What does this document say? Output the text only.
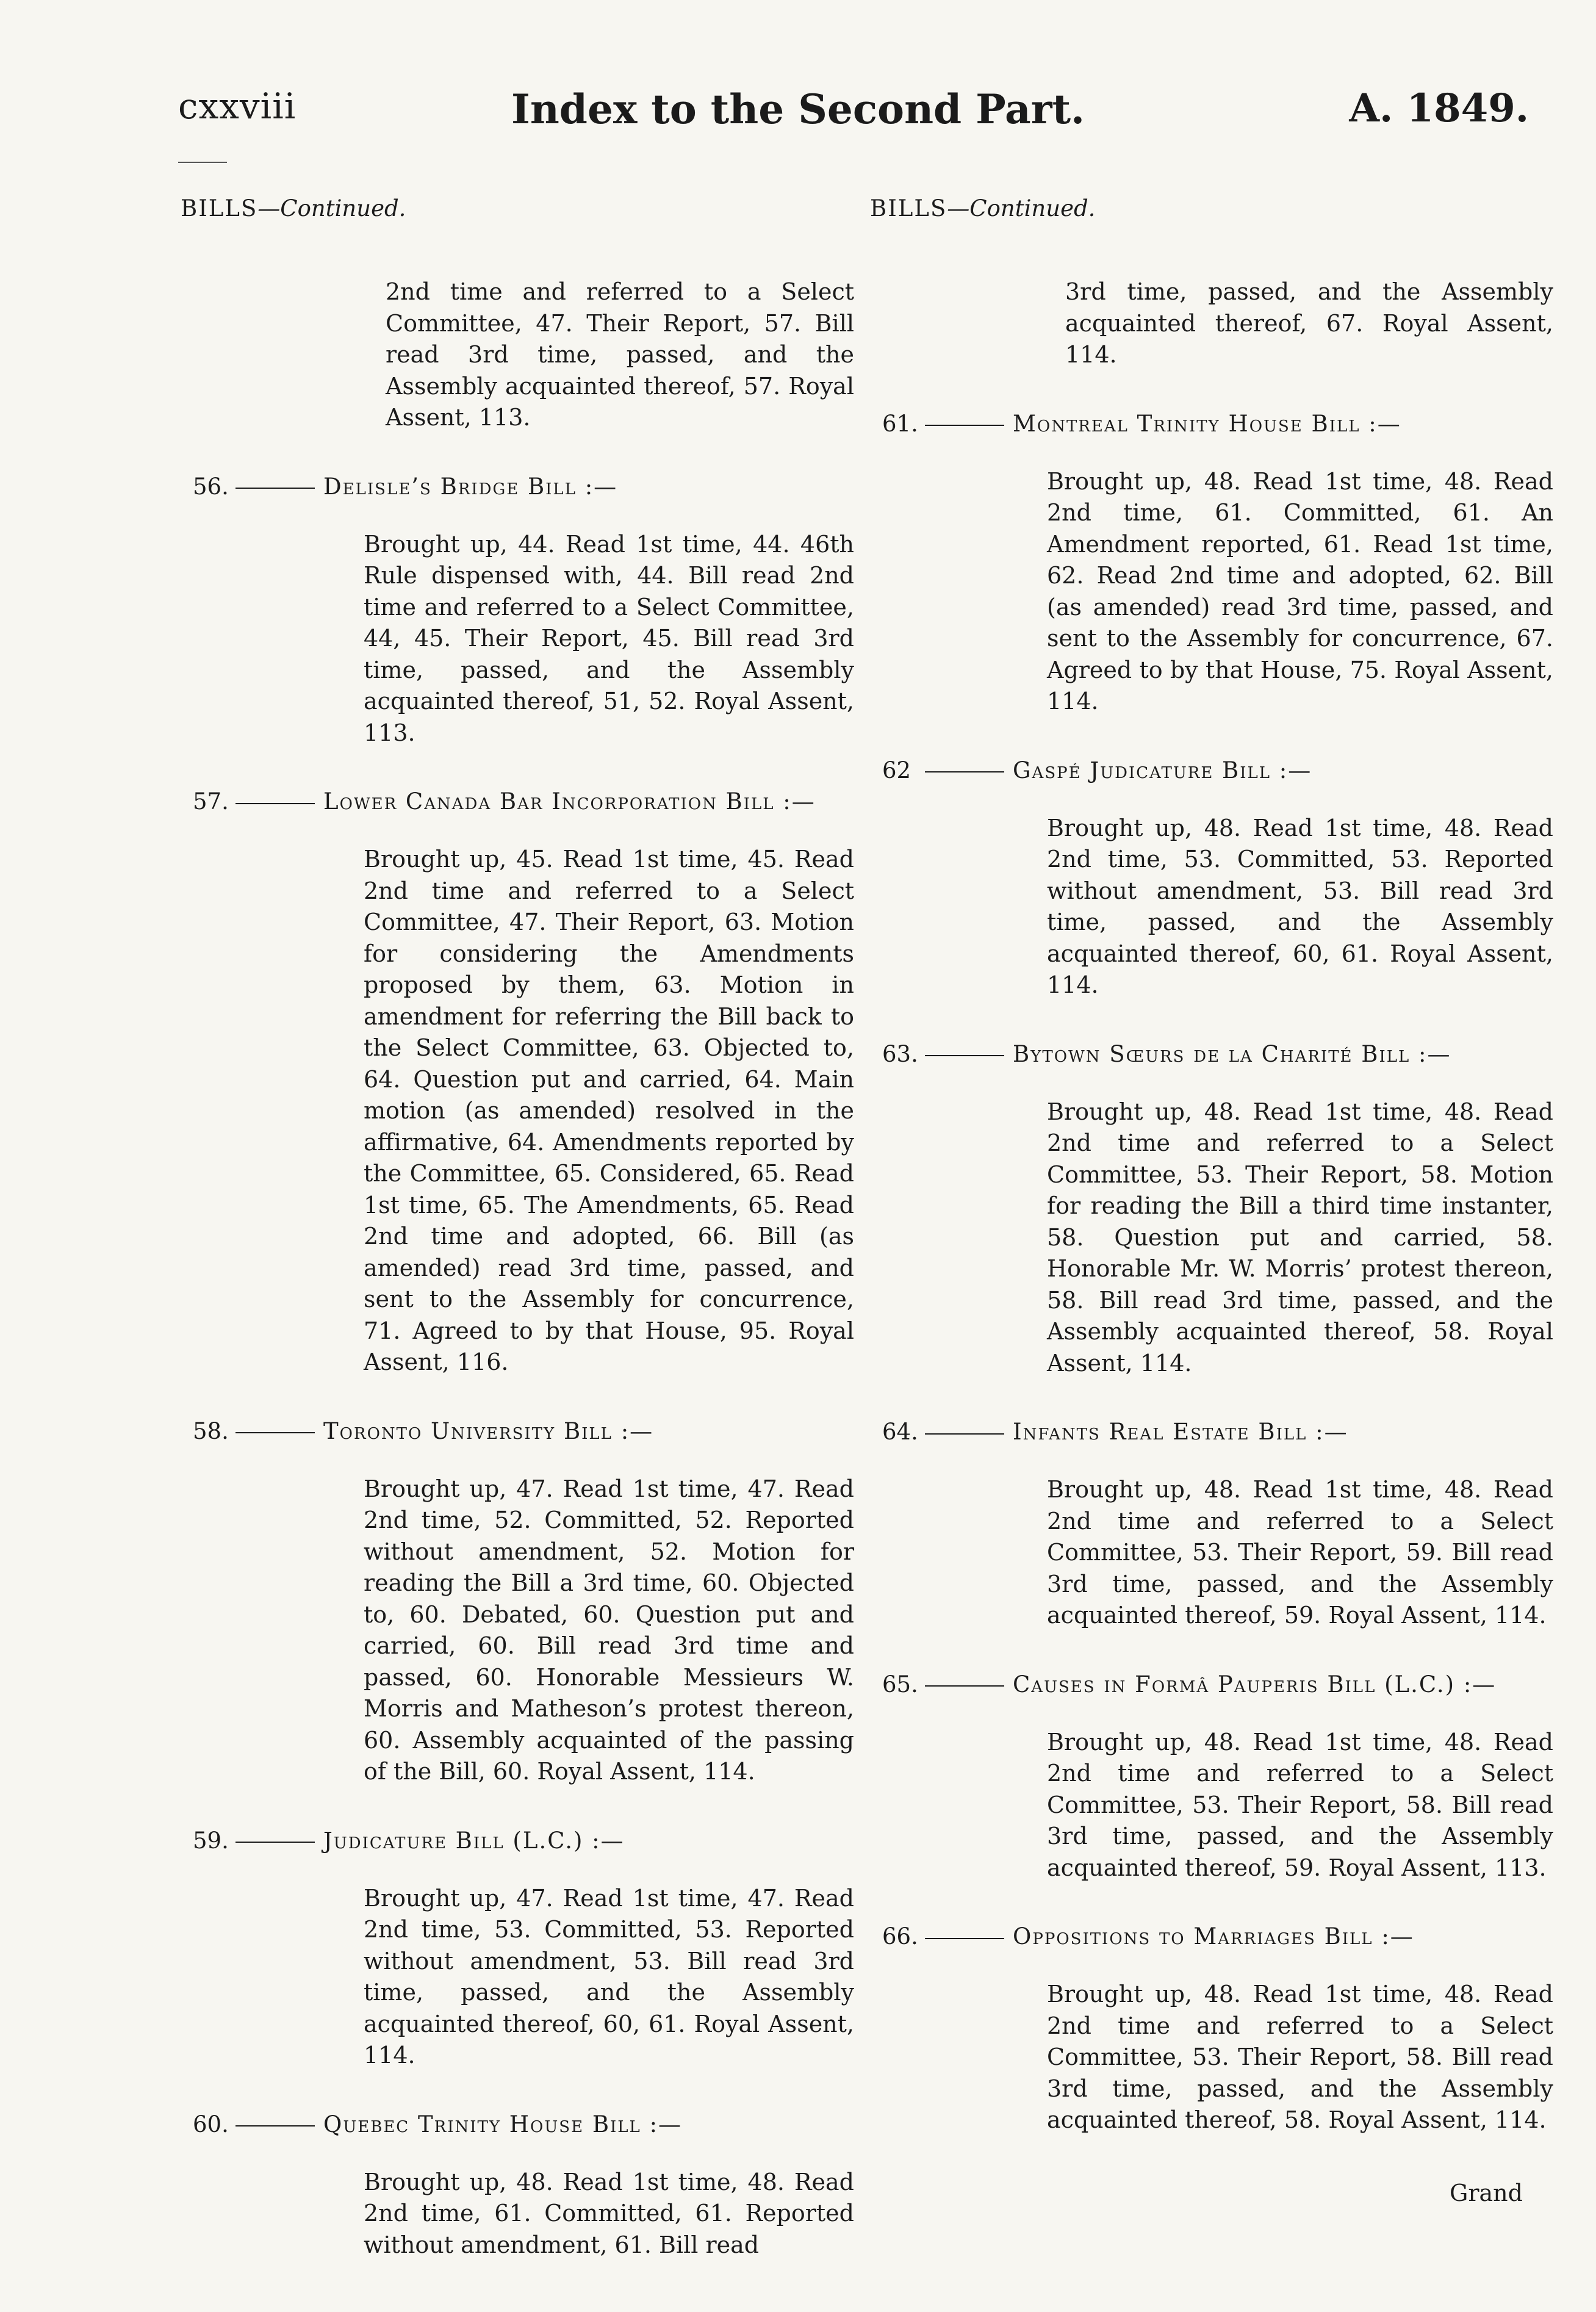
cxxviii	Index to the Second Part.	A. 1849.
BILLS—Continued.
2nd time and referred to a Select Committee, 47. Their Report, 57. Bill read 3rd time, passed, and the Assembly acquainted thereof, 57. Royal Assent, 113.
56.	Delisle’s Bridge Bill :—
Brought up, 44. Read 1st time, 44. 46th Rule dispensed with, 44. Bill read 2nd time and referred to a Select Committee, 44, 45. Their Report, 45. Bill read 3rd time, passed, and the Assembly acquainted thereof, 51, 52. Royal Assent, 113.
57.	Lower Canada Bar Incorporation Bill :—
Brought up, 45. Read 1st time, 45. Read 2nd time and referred to a Select Committee, 47. Their Report, 63. Motion for considering the Amendments proposed by them, 63. Motion in amendment for referring the Bill back to the Select Committee, 63. Objected to, 64. Question put and carried, 64. Main motion (as amended) resolved in the affirmative, 64. Amendments reported by the Committee, 65. Considered, 65. Read 1st time, 65. The Amendments, 65. Read 2nd time and adopted, 66. Bill (as amended) read 3rd time, passed, and sent to the Assembly for concurrence, 71. Agreed to by that House, 95. Royal Assent, 116.
58.	Toronto University Bill :—
Brought up, 47. Read 1st time, 47. Read 2nd time, 52. Committed, 52. Reported without amendment, 52. Motion for reading the Bill a 3rd time, 60. Objected to, 60. Debated, 60. Question put and carried, 60. Bill read 3rd time and passed, 60. Honorable Messieurs W. Morris and Matheson’s protest thereon, 60. Assembly acquainted of the passing of the Bill, 60. Royal Assent, 114.
59.	Judicature Bill (L.C.) :—
Brought up, 47. Read 1st time, 47. Read 2nd time, 53. Committed, 53. Reported without amendment, 53. Bill read 3rd time, passed, and the Assembly acquainted thereof, 60, 61. Royal Assent, 114.
60.	Quebec Trinity House Bill :—
Brought up, 48. Read 1st time, 48. Read 2nd time, 61. Committed, 61. Reported without amendment, 61. Bill read
BILLS—Continued.
3rd time, passed, and the Assembly acquainted thereof, 67. Royal Assent, 114.
61.	Montreal Trinity House Bill :—
Brought up, 48. Read 1st time, 48. Read 2nd time, 61. Committed, 61. An Amendment reported, 61. Read 1st time, 62. Read 2nd time and adopted, 62. Bill (as amended) read 3rd time, passed, and sent to the Assembly for concurrence, 67. Agreed to by that House, 75. Royal Assent, 114.
62	Gaspé Judicature Bill :—
Brought up, 48. Read 1st time, 48. Read 2nd time, 53. Committed, 53. Reported without amendment, 53. Bill read 3rd time, passed, and the Assembly acquainted thereof, 60, 61. Royal Assent, 114.
63.	Bytown Sœurs de la Charité Bill :—
Brought up, 48. Read 1st time, 48. Read 2nd time and referred to a Select Committee, 53. Their Report, 58. Motion for reading the Bill a third time instanter, 58. Question put and carried, 58. Honorable Mr. W. Morris’ protest thereon, 58. Bill read 3rd time, passed, and the Assembly acquainted thereof, 58. Royal Assent, 114.
64.	Infants Real Estate Bill :—
Brought up, 48. Read 1st time, 48. Read 2nd time and referred to a Select Committee, 53. Their Report, 59. Bill read 3rd time, passed, and the Assembly acquainted thereof, 59. Royal Assent, 114.
65.	Causes in Formâ Pauperis Bill (L.C.) :—
Brought up, 48. Read 1st time, 48. Read 2nd time and referred to a Select Committee, 53. Their Report, 58. Bill read 3rd time, passed, and the Assembly acquainted thereof, 59. Royal Assent, 113.
66.	Oppositions to Marriages Bill :—
Brought up, 48. Read 1st time, 48. Read 2nd time and referred to a Select Committee, 53. Their Report, 58. Bill read 3rd time, passed, and the Assembly acquainted thereof, 58. Royal Assent, 114.
Grand
